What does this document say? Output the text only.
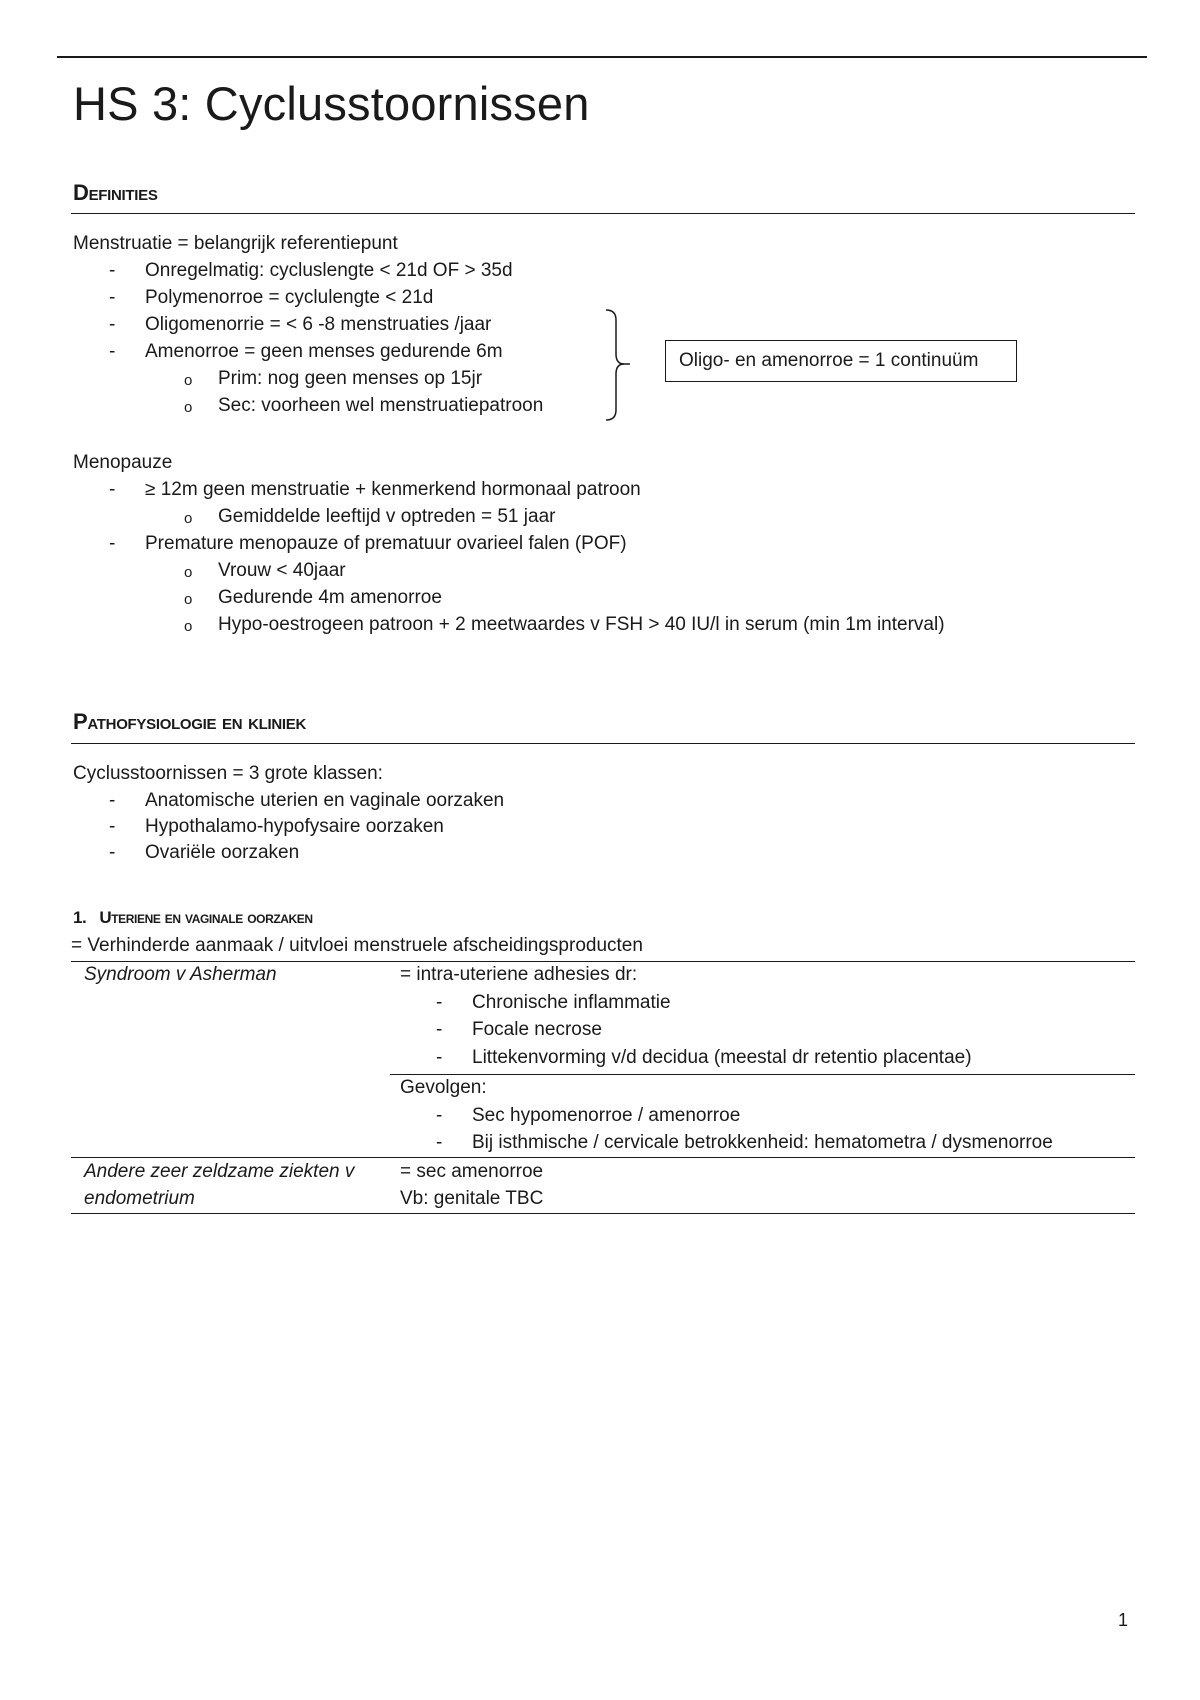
HS 3: Cyclusstoornissen
Definities
Menstruatie = belangrijk referentiepunt
- Onregelmatig: cycluslengte < 21d OF > 35d
- Polymenorroe = cyclulengte < 21d
- Oligomenorrie = < 6 -8 menstruaties /jaar
- Amenorroe = geen menses gedurende 6m
o Prim: nog geen menses op 15jr
o Sec: voorheen wel menstruatiepatroon
Oligo- en amenorroe = 1 continuüm
Menopauze
- ≥ 12m geen menstruatie + kenmerkend hormonaal patroon
o Gemiddelde leeftijd v optreden = 51 jaar
- Premature menopauze of prematuur ovarieel falen (POF)
o Vrouw < 40jaar
o Gedurende 4m amenorroe
o Hypo-oestrogeen patroon + 2 meetwaardes v FSH > 40 IU/l in serum (min 1m interval)
Pathofysiologie en kliniek
Cyclusstoornissen = 3 grote klassen:
- Anatomische uterien en vaginale oorzaken
- Hypothalamo-hypofysaire oorzaken
- Ovariële oorzaken
1. Uteriene en vaginale oorzaken
= Verhinderde aanmaak / uitvloei menstruele afscheidingsproducten
Syndroom v Asherman	= intra-uteriene adhesies dr:
- Chronische inflammatie
- Focale necrose
- Littekenvorming v/d decidua (meestal dr retentio placentae)
Gevolgen:
- Sec hypomenorroe / amenorroe
- Bij isthmische / cervicale betrokkenheid: hematometra / dysmenorroe
Andere zeer zeldzame ziekten v
endometrium
= sec amenorroe
Vb: genitale TBC
1
